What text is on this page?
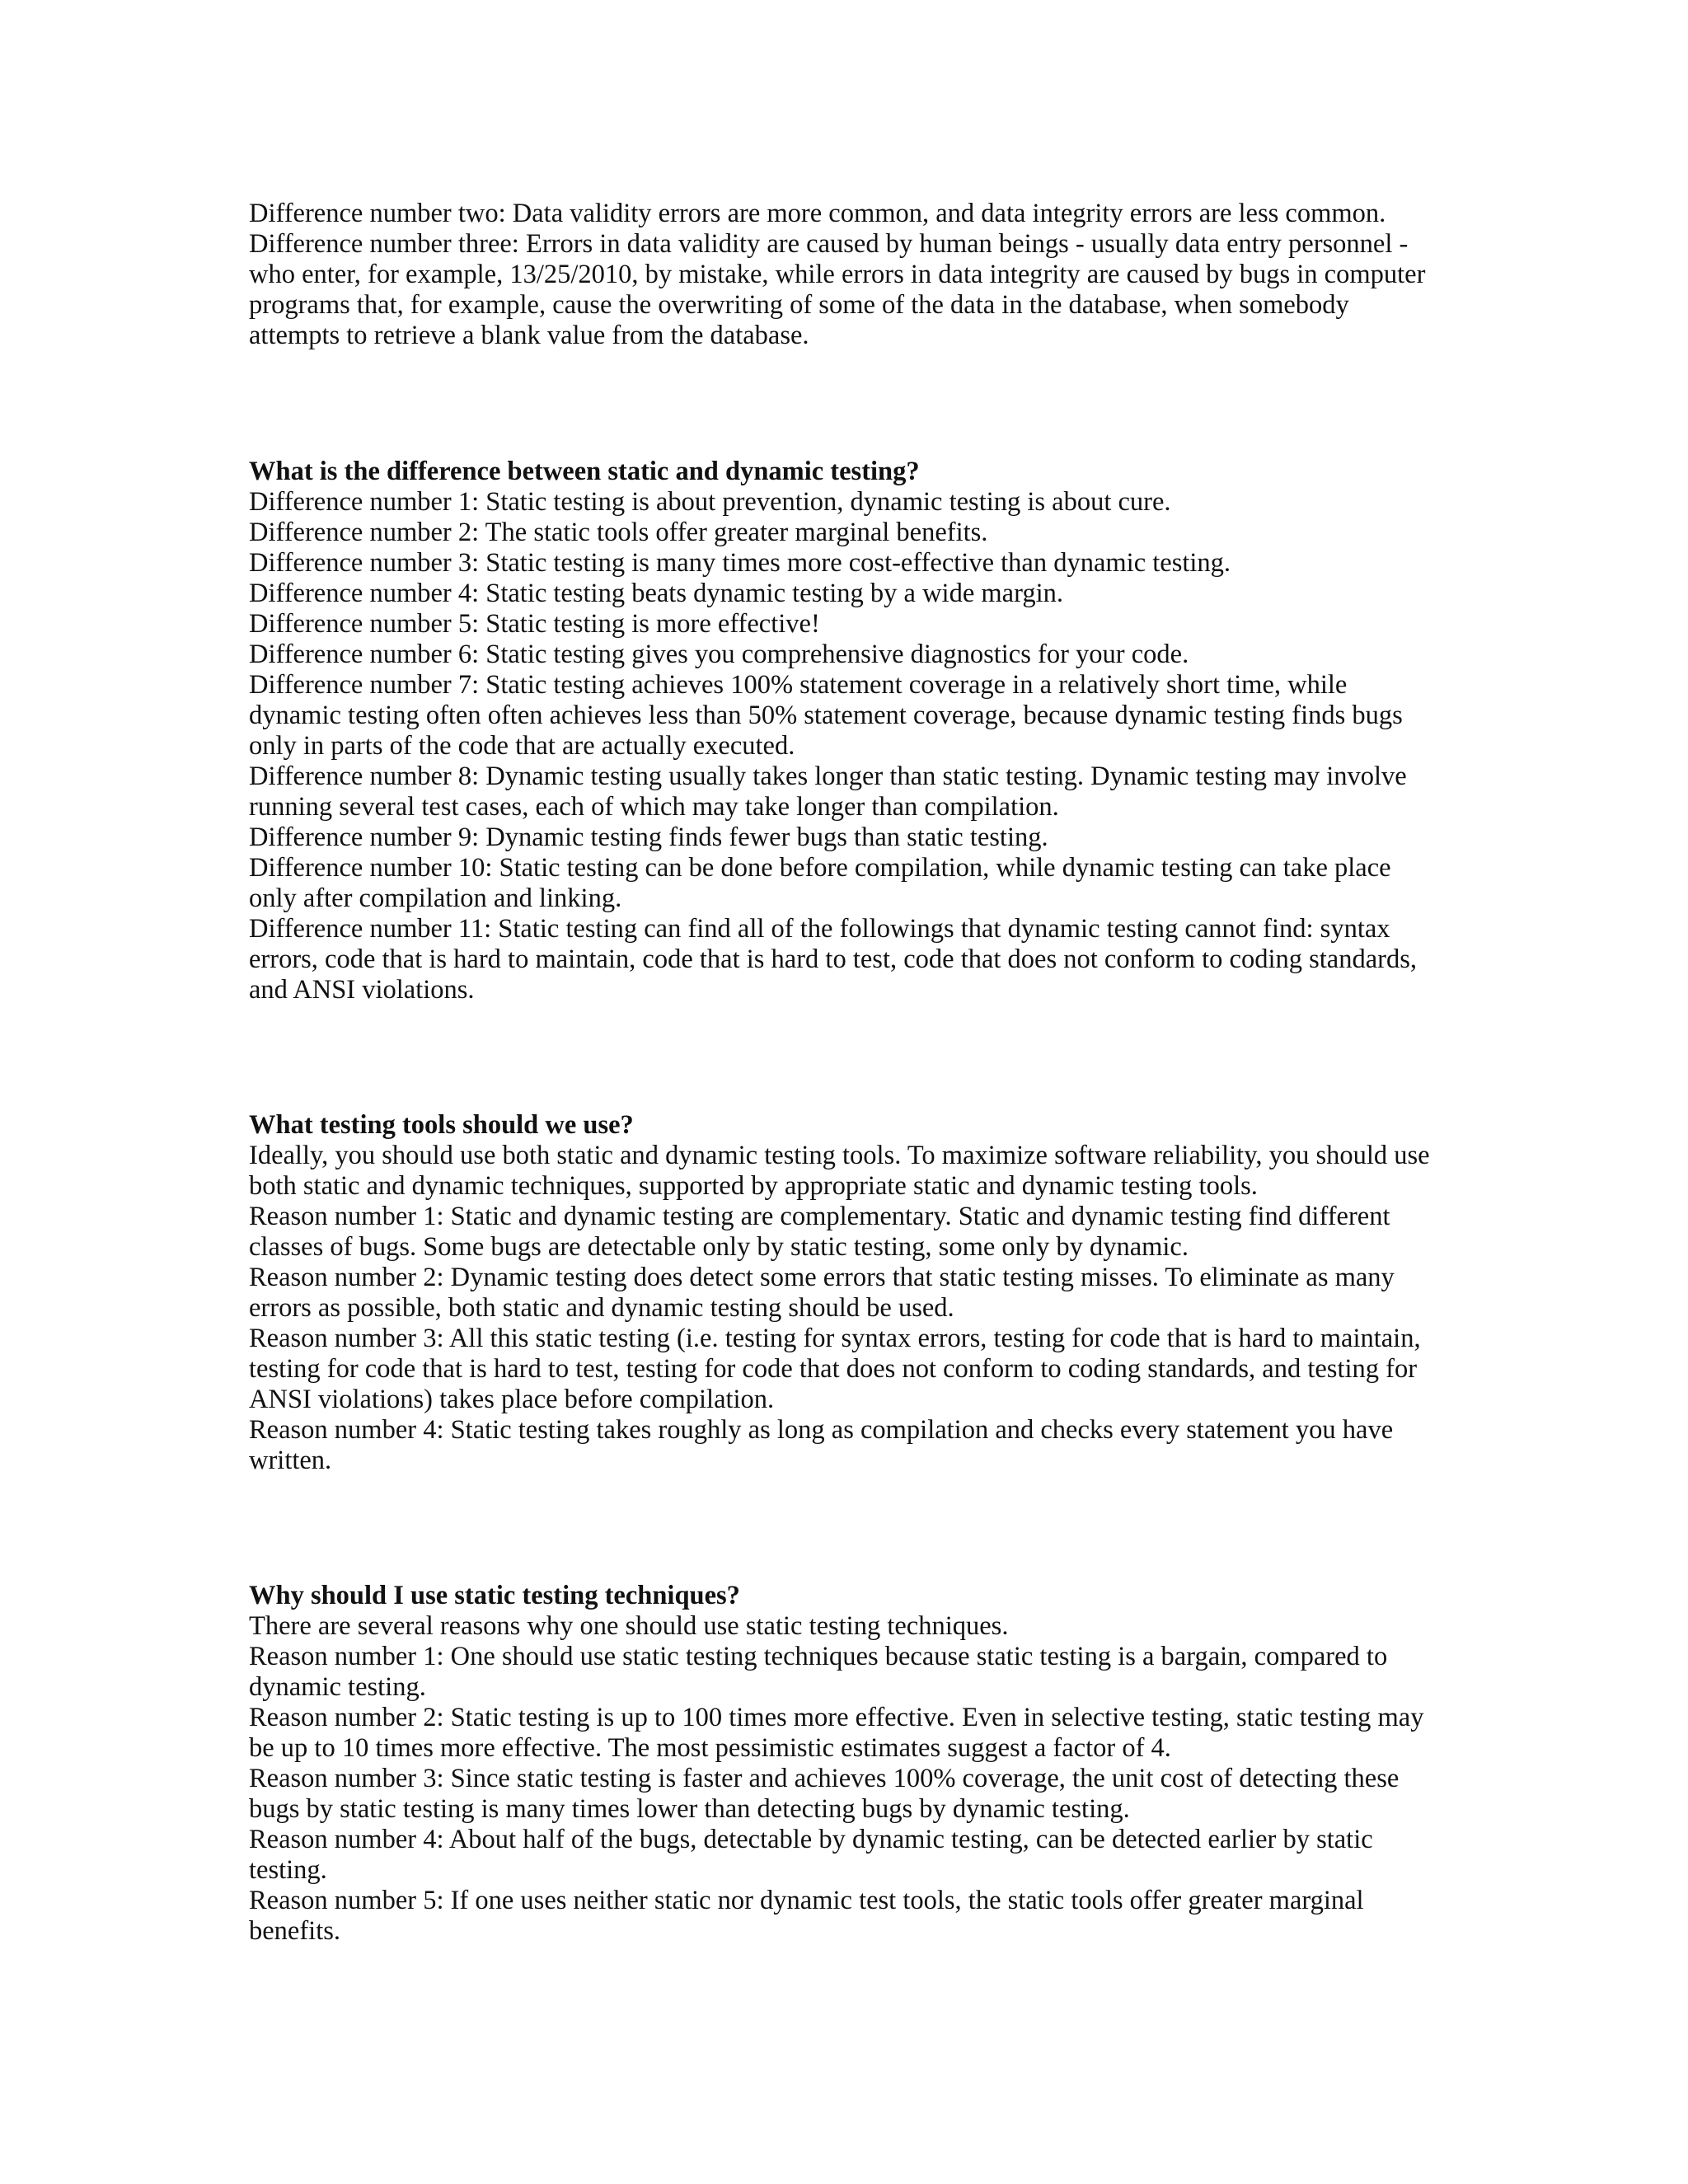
Difference number two: Data validity errors are more common, and data integrity errors are less common.

Difference number three: Errors in data validity are caused by human beings - usually data entry personnel - who enter, for example, 13/25/2010, by mistake, while errors in data integrity are caused by bugs in computer programs that, for example, cause the overwriting of some of the data in the database, when somebody attempts to retrieve a blank value from the database.

What is the difference between static and dynamic testing?

Difference number 1: Static testing is about prevention, dynamic testing is about cure.

Difference number 2: The static tools offer greater marginal benefits.

Difference number 3: Static testing is many times more cost-effective than dynamic testing.

Difference number 4: Static testing beats dynamic testing by a wide margin.

Difference number 5: Static testing is more effective!

Difference number 6: Static testing gives you comprehensive diagnostics for your code.

Difference number 7: Static testing achieves 100% statement coverage in a relatively short time, while dynamic testing often often achieves less than 50% statement coverage, because dynamic testing finds bugs only in parts of the code that are actually executed.

Difference number 8: Dynamic testing usually takes longer than static testing. Dynamic testing may involve running several test cases, each of which may take longer than compilation.

Difference number 9: Dynamic testing finds fewer bugs than static testing.

Difference number 10: Static testing can be done before compilation, while dynamic testing can take place only after compilation and linking.

Difference number 11: Static testing can find all of the followings that dynamic testing cannot find: syntax errors, code that is hard to maintain, code that is hard to test, code that does not conform to coding standards, and ANSI violations.

What testing tools should we use?

Ideally, you should use both static and dynamic testing tools. To maximize software reliability, you should use both static and dynamic techniques, supported by appropriate static and dynamic testing tools.

Reason number 1: Static and dynamic testing are complementary. Static and dynamic testing find different classes of bugs. Some bugs are detectable only by static testing, some only by dynamic.

Reason number 2: Dynamic testing does detect some errors that static testing misses. To eliminate as many errors as possible, both static and dynamic testing should be used.

Reason number 3: All this static testing (i.e. testing for syntax errors, testing for code that is hard to maintain, testing for code that is hard to test, testing for code that does not conform to coding standards, and testing for ANSI violations) takes place before compilation.

Reason number 4: Static testing takes roughly as long as compilation and checks every statement you have written.

Why should I use static testing techniques?

There are several reasons why one should use static testing techniques.

Reason number 1: One should use static testing techniques because static testing is a bargain, compared to dynamic testing.

Reason number 2: Static testing is up to 100 times more effective. Even in selective testing, static testing may be up to 10 times more effective. The most pessimistic estimates suggest a factor of 4.

Reason number 3: Since static testing is faster and achieves 100% coverage, the unit cost of detecting these bugs by static testing is many times lower than detecting bugs by dynamic testing.

Reason number 4: About half of the bugs, detectable by dynamic testing, can be detected earlier by static testing.

Reason number 5: If one uses neither static nor dynamic test tools, the static tools offer greater marginal benefits.
